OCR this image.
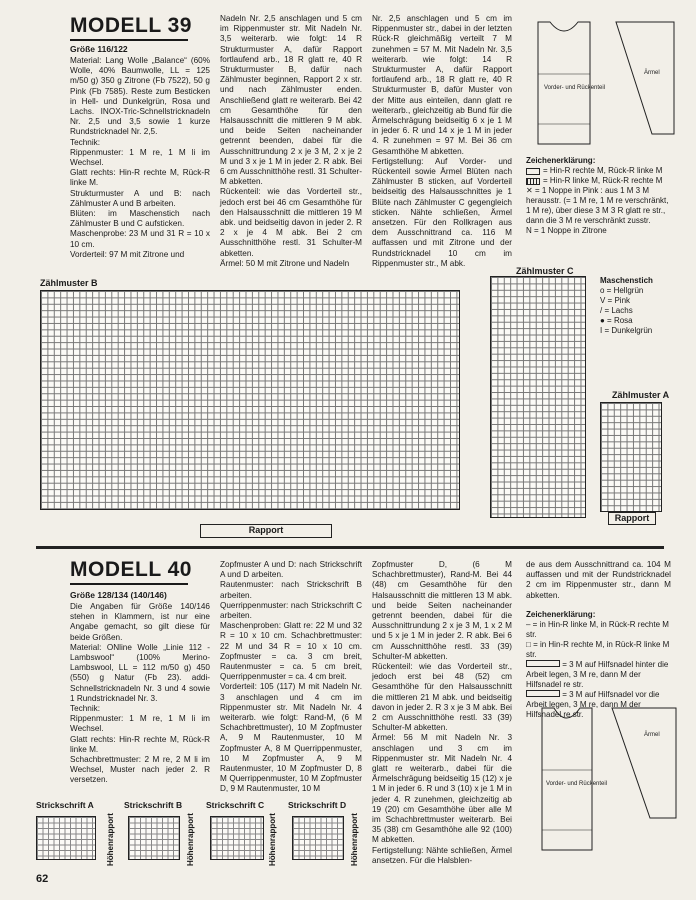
MODELL 39
Größe 116/122
Material: Lang Wolle „Balance“ (60% Wolle, 40% Baumwolle, LL = 125 m/50 g) 350 g Zitrone (Fb 7522), 50 g Pink (Fb 7585). Reste zum Besticken in Hell- und Dunkelgrün, Rosa und Lachs. INOX-Tric-Schnellstricknadeln Nr. 2,5 und 3,5 sowie 1 kurze Rundstricknadel Nr. 2,5.
Technik:
Rippenmuster: 1 M re, 1 M li im Wechsel.
Glatt rechts: Hin-R rechte M, Rück-R linke M.
Strukturmuster A und B: nach Zählmuster A und B arbeiten.
Blüten: im Maschenstich nach Zählmuster B und C aufsticken.
Maschenprobe: 23 M und 31 R = 10 x 10 cm.
Vorderteil: 97 M mit Zitrone und
Nadeln Nr. 2,5 anschlagen und 5 cm im Rippenmuster str. Mit Nadeln Nr. 3,5 weiterarb. wie folgt: 14 R Strukturmuster A, dafür Rapport fortlaufend arb., 18 R glatt re, 40 R Strukturmuster B, dafür nach Zählmuster beginnen, Rapport 2 x str. und nach Zählmuster enden. Anschließend glatt re weiterarb. Bei 42 cm Gesamthöhe für den Halsausschnitt die mittleren 9 M abk. und beide Seiten nacheinander getrennt beenden, dabei für die Ausschnittrundung 2 x je 3 M, 2 x je 2 M und 3 x je 1 M in jeder 2. R abk. Bei 6 cm Ausschnitthöhe restl. 31 Schulter-M abketten.
Rückenteil: wie das Vorderteil str., jedoch erst bei 46 cm Gesamthöhe für den Halsausschnitt die mittleren 19 M abk. und beidseitig davon in jeder 2. R 2 x je 4 M abk. Bei 2 cm Ausschnitthöhe restl. 31 Schulter-M abketten.
Ärmel: 50 M mit Zitrone und Nadeln
Nr. 2,5 anschlagen und 5 cm im Rippenmuster str., dabei in der letzten Rück-R gleichmäßig verteilt 7 M zunehmen = 57 M. Mit Nadeln Nr. 3,5 weiterarb. wie folgt: 14 R Strukturmuster A, dafür Rapport fortlaufend arb., 18 R glatt re, 40 R Strukturmuster B, dafür Muster von der Mitte aus einteilen, dann glatt re weiterarb., gleichzeitig ab Bund für die Ärmelschrägung beidseitig 6 x je 1 M in jeder 6. R und 14 x je 1 M in jeder 4. R zunehmen = 97 M. Bei 36 cm Gesamthöhe M abketten.
Fertigstellung: Auf Vorder- und Rückenteil sowie Ärmel Blüten nach Zählmuster B sticken, auf Vorderteil beidseitig des Halsausschnittes je 1 Blüte nach Zählmuster C gegengleich sticken. Nähte schließen, Ärmel ansetzen. Für den Rollkragen aus dem Ausschnittrand ca. 116 M auffassen und mit Zitrone und der Rundstricknadel 10 cm im Rippenmuster str., M abk.
Vorder- und Rückenteil
Ärmel
Zeichenerklärung:
= Hin-R rechte M, Rück-R linke M
= Hin-R linke M, Rück-R rechte M
✕ = 1 Noppe in Pink : aus 1 M 3 M herausstr. (= 1 M re, 1 M re verschränkt, 1 M re), über diese 3 M 3 R glatt re str., dann die 3 M re verschränkt zusstr.
N = 1 Noppe in Zitrone
Zählmuster B
Rapport
Zählmuster C
Maschenstich
o = Hellgrün
V = Pink
/ = Lachs
● = Rosa
I = Dunkelgrün
Zählmuster A
Rapport
MODELL 40
Größe 128/134 (140/146)
Die Angaben für Größe 140/146 stehen in Klammern, ist nur eine Angabe gemacht, so gilt diese für beide Größen.
Material: ONline Wolle „Linie 112 - Lambswool“ (100% Merino-Lambswool, LL = 112 m/50 g) 450 (550) g Natur (Fb 23). addi-Schnellstricknadeln Nr. 3 und 4 sowie 1 Rundstricknadel Nr. 3.
Technik:
Rippenmuster: 1 M re, 1 M li im Wechsel.
Glatt rechts: Hin-R rechte M, Rück-R linke M.
Schachbrettmuster: 2 M re, 2 M li im Wechsel, Muster nach jeder 2. R versetzen.
Zopfmuster A und D: nach Strickschrift A und D arbeiten.
Rautenmuster: nach Strickschrift B arbeiten.
Querrippenmuster: nach Strickschrift C arbeiten.
Maschenproben: Glatt re: 22 M und 32 R = 10 x 10 cm. Schachbrettmuster: 22 M und 34 R = 10 x 10 cm. Zopfmuster = ca. 3 cm breit, Rautenmuster = ca. 5 cm breit, Querrippenmuster = ca. 4 cm breit.
Vorderteil: 105 (117) M mit Nadeln Nr. 3 anschlagen und 4 cm im Rippenmuster str. Mit Nadeln Nr. 4 weiterarb. wie folgt: Rand-M, (6 M Schachbrettmuster), 10 M Zopfmuster A, 9 M Rautenmuster, 10 M Zopfmuster A, 8 M Querrippenmuster, 10 M Zopfmuster A, 9 M Rautenmuster, 10 M Zopfmuster D, 8 M Querrippenmuster, 10 M Zopfmuster D, 9 M Rautenmuster, 10 M
Zopfmuster D, (6 M Schachbrettmuster), Rand-M. Bei 44 (48) cm Gesamthöhe für den Halsausschnitt die mittleren 13 M abk. und beide Seiten nacheinander getrennt beenden, dabei für die Ausschnittrundung 2 x je 3 M, 1 x 2 M und 5 x je 1 M in jeder 2. R abk. Bei 6 cm Ausschnitthöhe restl. 33 (39) Schulter-M abketten.
Rückenteil: wie das Vorderteil str., jedoch erst bei 48 (52) cm Gesamthöhe für den Halsausschnitt die mittleren 21 M abk. und beidseitig davon in jeder 2. R 3 x je 3 M abk. Bei 2 cm Ausschnitthöhe restl. 33 (39) Schulter-M abketten.
Ärmel: 56 M mit Nadeln Nr. 3 anschlagen und 3 cm im Rippenmuster str. Mit Nadeln Nr. 4 glatt re weiterarb., dabei für die Ärmelschrägung beidseitig 15 (12) x je 1 M in jeder 6. R und 3 (10) x je 1 M in jeder 4. R zunehmen, gleichzeitig ab 19 (20) cm Gesamthöhe über alle M im Schachbrettmuster weiterarb. Bei 35 (38) cm Gesamthöhe alle 92 (100) M abketten.
Fertigstellung: Nähte schließen, Ärmel ansetzen. Für die Halsblen-
de aus dem Ausschnittrand ca. 104 M auffassen und mit der Rundstricknadel 2 cm im Rippenmuster str., dann M abketten.
Zeichenerklärung:
– = in Hin-R linke M, in Rück-R rechte M str.
□ = in Hin-R rechte M, in Rück-R linke M str.
= 3 M auf Hilfsnadel hinter die Arbeit legen, 3 M re, dann M der Hilfsnadel re str.
= 3 M auf Hilfsnadel vor die Arbeit legen, 3 M re, dann M der Hilfsnadel re str.
Vorder- und Rückenteil
Ärmel
Strickschrift A
Höhenrapport
Strickschrift B
Höhenrapport
Strickschrift C
Höhenrapport
Strickschrift D
Höhenrapport
62
